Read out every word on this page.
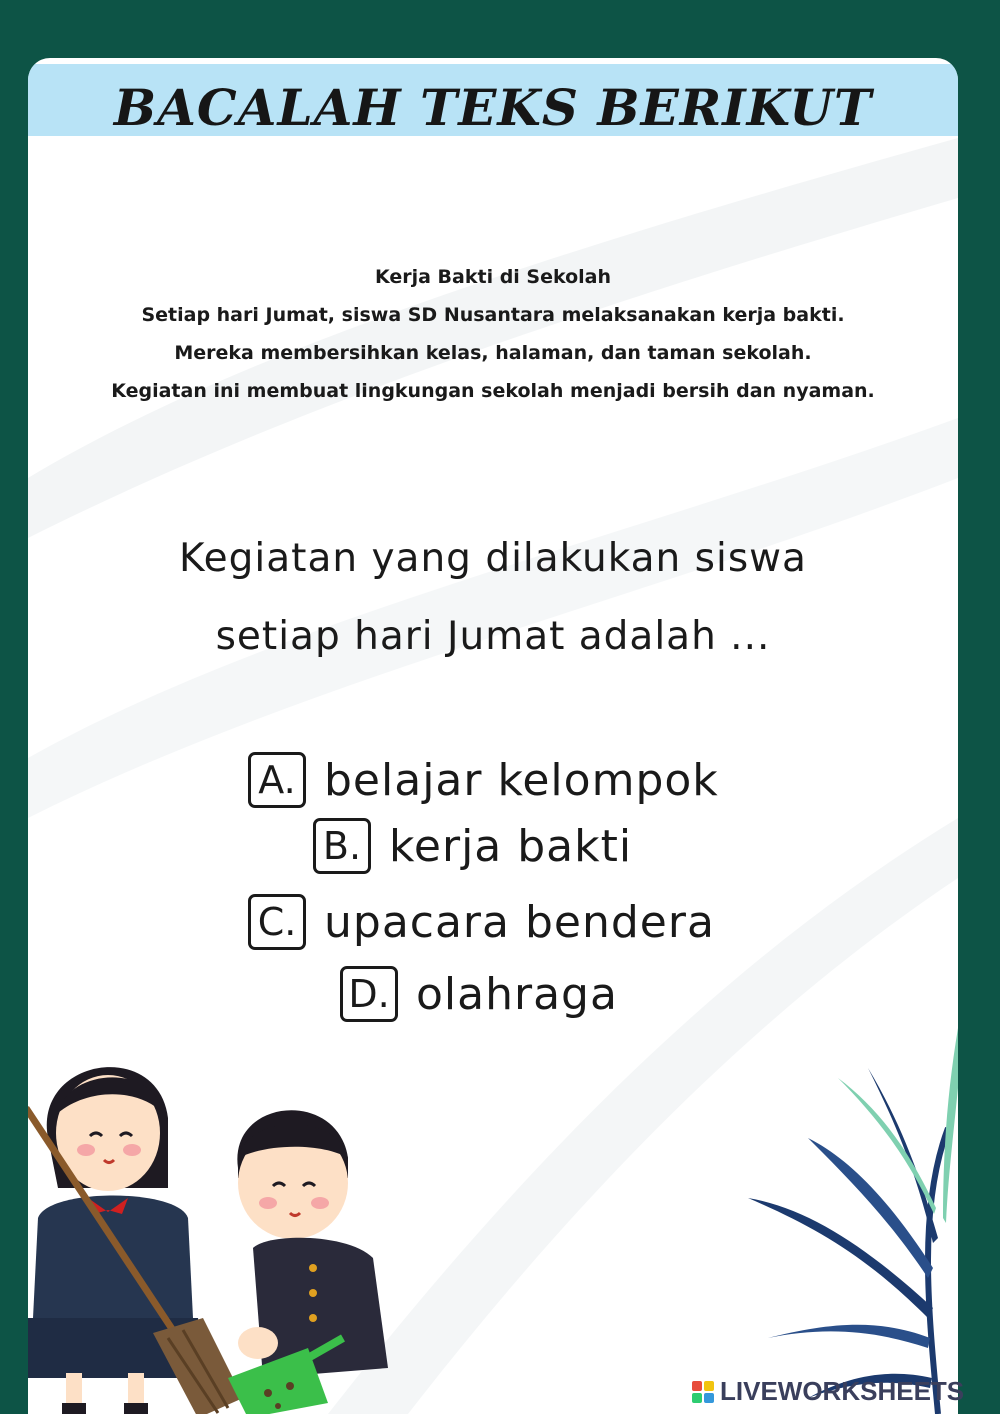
BACALAH TEKS BERIKUT
Kerja Bakti di Sekolah
Setiap hari Jumat, siswa SD Nusantara melaksanakan kerja bakti.
Mereka membersihkan kelas, halaman, dan taman sekolah.
Kegiatan ini membuat lingkungan sekolah menjadi bersih dan nyaman.
Kegiatan yang dilakukan siswa
setiap hari Jumat adalah ...
A. belajar kelompok
B. kerja bakti
C. upacara bendera
D. olahraga
LIVEWORKSHEETS
